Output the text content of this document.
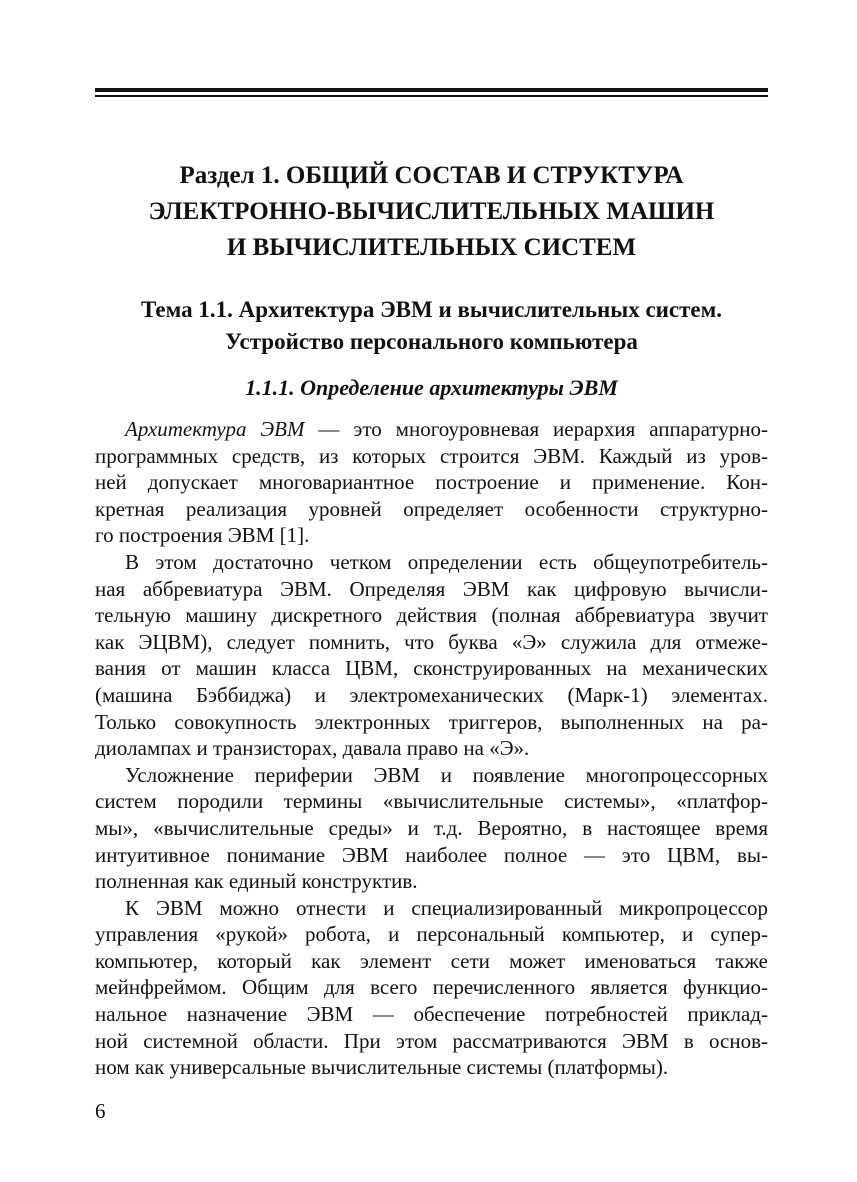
Раздел 1. ОБЩИЙ СОСТАВ И СТРУКТУРА
ЭЛЕКТРОННО-ВЫЧИСЛИТЕЛЬНЫХ МАШИН
И ВЫЧИСЛИТЕЛЬНЫХ СИСТЕМ
Тема 1.1. Архитектура ЭВМ и вычислительных систем.
Устройство персонального компьютера
1.1.1. Определение архитектуры ЭВМ

Архитектура ЭВМ — это многоуровневая иерархия аппаратурно-
программных средств, из которых строится ЭВМ. Каждый из уров-
ней допускает многовариантное построение и применение. Кон-
кретная реализация уровней определяет особенности структурно-
го построения ЭВМ [1].

В этом достаточно четком определении есть общеупотребитель-
ная аббревиатура ЭВМ. Определяя ЭВМ как цифровую вычисли-
тельную машину дискретного действия (полная аббревиатура звучит
как ЭЦВМ), следует помнить, что буква «Э» служила для отмеже-
вания от машин класса ЦВМ, сконструированных на механических
(машина Бэббиджа) и электромеханических (Марк-1) элементах.
Только совокупность электронных триггеров, выполненных на ра-
диолампах и транзисторах, давала право на «Э».

Усложнение периферии ЭВМ и появление многопроцессорных
систем породили термины «вычислительные системы», «платфор-
мы», «вычислительные среды» и т.д. Вероятно, в настоящее время
интуитивное понимание ЭВМ наиболее полное — это ЦВМ, вы-
полненная как единый конструктив.

К ЭВМ можно отнести и специализированный микропроцессор
управления «рукой» робота, и персональный компьютер, и супер-
компьютер, который как элемент сети может именоваться также
мейнфреймом. Общим для всего перечисленного является функцио-
нальное назначение ЭВМ — обеспечение потребностей приклад-
ной системной области. При этом рассматриваются ЭВМ в основ-
ном как универсальные вычислительные системы (платформы).

6
